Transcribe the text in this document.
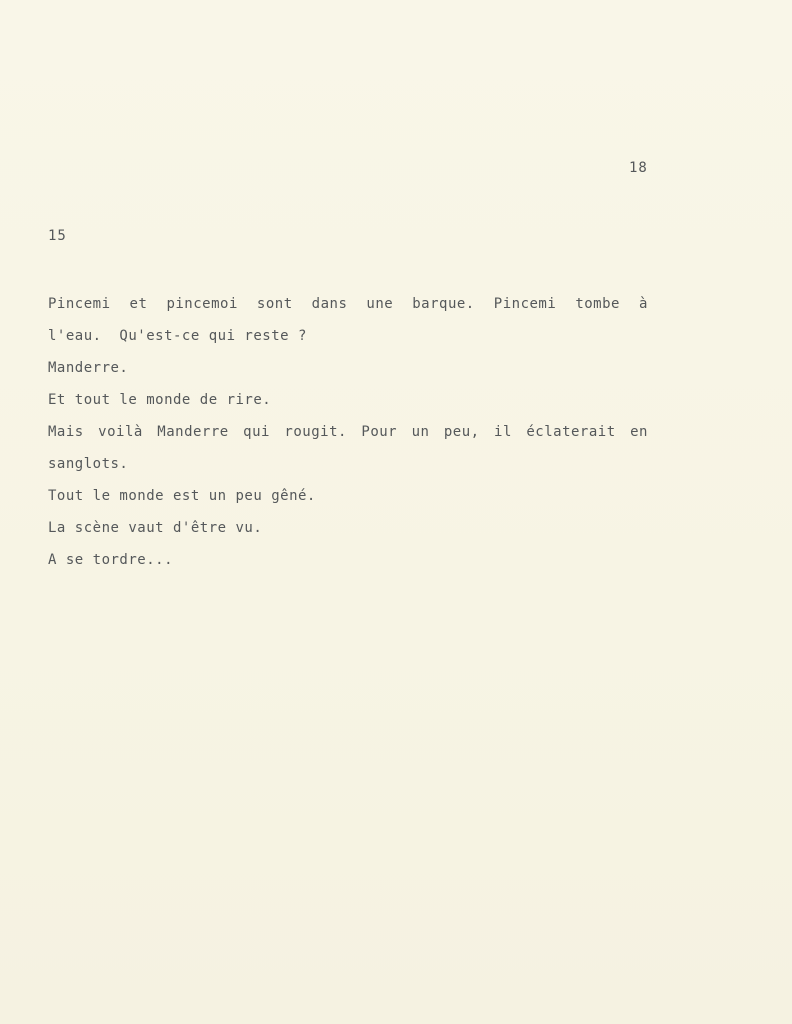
18
15
Pincemi et pincemoi sont dans une barque. Pincemi tombe à
l'eau.  Qu'est-ce qui reste ?
Manderre.
Et tout le monde de rire.
Mais voilà Manderre qui rougit. Pour un peu, il éclaterait en
sanglots.
Tout le monde est un peu gêné.
La scène vaut d'être vu.
A se tordre...
